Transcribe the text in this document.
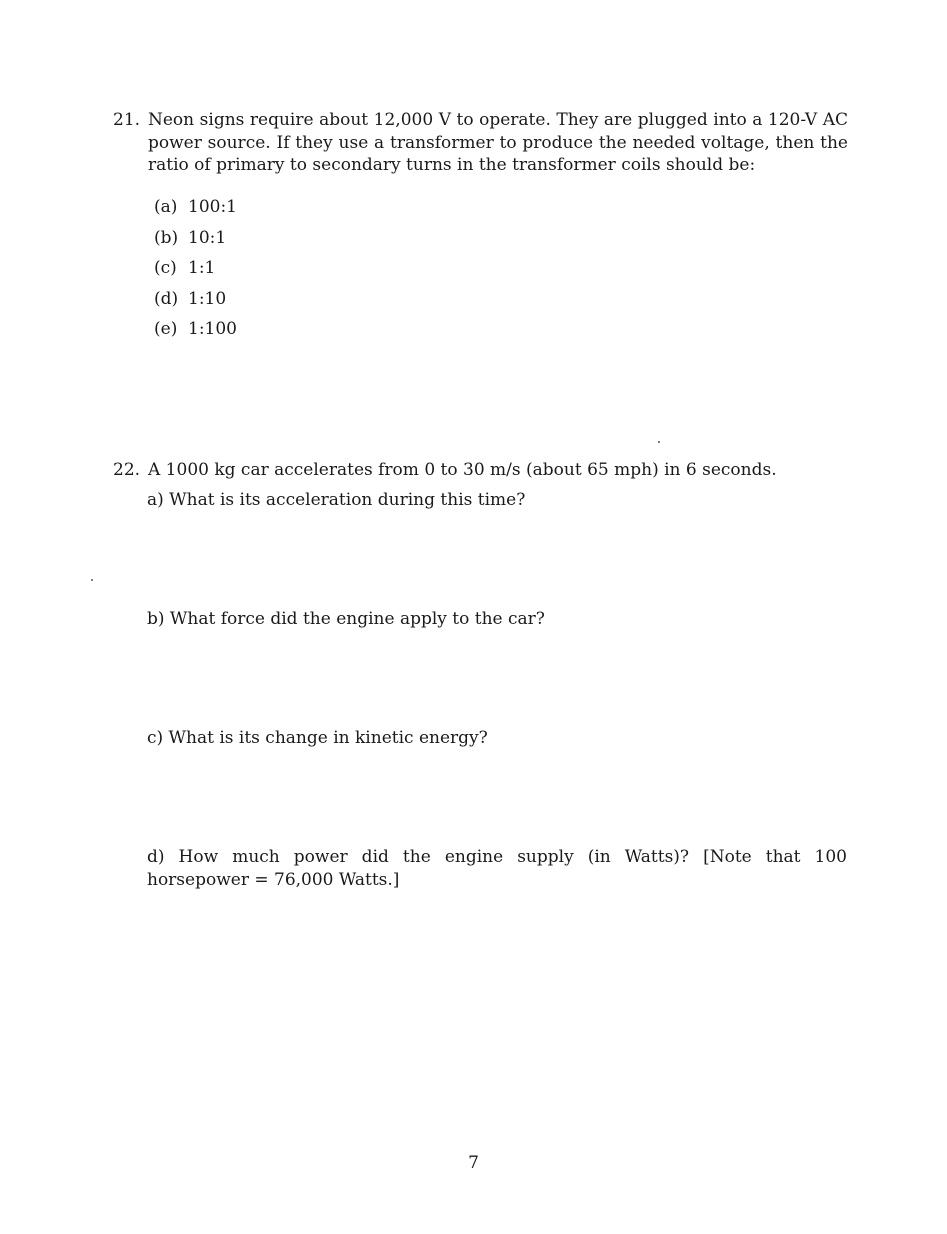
21. Neon signs require about 12,000 V to operate. They are plugged into a 120-V AC power source. If they use a transformer to produce the needed voltage, then the ratio of primary to secondary turns in the transformer coils should be:
(a) 100:1
(b) 10:1
(c) 1:1
(d) 1:10
(e) 1:100
22. A 1000 kg car accelerates from 0 to 30 m/s (about 65 mph) in 6 seconds.
a) What is its acceleration during this time?
b) What force did the engine apply to the car?
c) What is its change in kinetic energy?
d) How much power did the engine supply (in Watts)? [Note that 100 horsepower = 76,000 Watts.]
7
